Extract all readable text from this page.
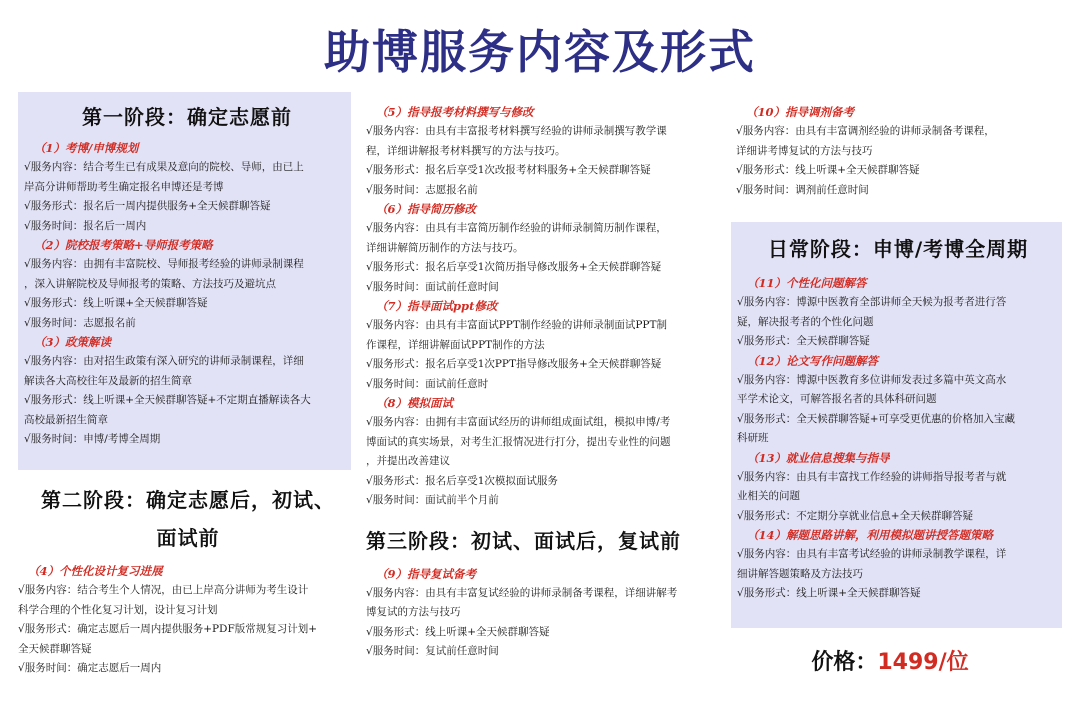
助博服务内容及形式
第一阶段：确定志愿前
（1）考博/申博规划

√服务内容：结合考生已有成果及意向的院校、导师，由已上

岸高分讲师帮助考生确定报名申博还是考博

√服务形式：报名后一周内提供服务+全天候群聊答疑

√服务时间：报名后一周内

（2）院校报考策略+导师报考策略

√服务内容：由拥有丰富院校、导师报考经验的讲师录制课程

，深入讲解院校及导师报考的策略、方法技巧及避坑点

√服务形式：线上听课+全天候群聊答疑

√服务时间：志愿报名前

（3）政策解读

√服务内容：由对招生政策有深入研究的讲师录制课程，详细

解读各大高校往年及最新的招生简章

√服务形式：线上听课+全天候群聊答疑+不定期直播解读各大

高校最新招生简章

√服务时间：申博/考博全周期

第二阶段：确定志愿后，初试、
面试前
（4）个性化设计复习进展

√服务内容：结合考生个人情况，由已上岸高分讲师为考生设计

科学合理的个性化复习计划，设计复习计划

√服务形式：确定志愿后一周内提供服务+PDF版常规复习计划+

全天候群聊答疑

√服务时间：确定志愿后一周内

（5）指导报考材料撰写与修改

√服务内容：由具有丰富报考材料撰写经验的讲师录制撰写教学课

程，详细讲解报考材料撰写的方法与技巧。

√服务形式：报名后享受1次改报考材料服务+全天候群聊答疑

√服务时间：志愿报名前

（6）指导简历修改

√服务内容：由具有丰富简历制作经验的讲师录制简历制作课程，

详细讲解简历制作的方法与技巧。

√服务形式：报名后享受1次简历指导修改服务+全天候群聊答疑

√服务时间：面试前任意时间

（7）指导面试ppt修改

√服务内容：由具有丰富面试PPT制作经验的讲师录制面试PPT制

作课程，详细讲解面试PPT制作的方法

√服务形式：报名后享受1次PPT指导修改服务+全天候群聊答疑

√服务时间：面试前任意时

（8）模拟面试

√服务内容：由拥有丰富面试经历的讲师组成面试组，模拟申博/考

博面试的真实场景，对考生汇报情况进行打分，提出专业性的问题

，并提出改善建议

√服务形式：报名后享受1次模拟面试服务

√服务时间：面试前半个月前

第三阶段：初试、面试后，复试前
（9）指导复试备考

√服务内容：由具有丰富复试经验的讲师录制备考课程，详细讲解考

博复试的方法与技巧

√服务形式：线上听课+全天候群聊答疑

√服务时间：复试前任意时间

（10）指导调剂备考

√服务内容：由具有丰富调剂经验的讲师录制备考课程，

详细讲考博复试的方法与技巧

√服务形式：线上听课+全天候群聊答疑

√服务时间：调剂前任意时间

日常阶段：申博/考博全周期
（11）个性化问题解答

√服务内容：博源中医教育全部讲师全天候为报考者进行答

疑，解决报考者的个性化问题

√服务形式：全天候群聊答疑

（12）论文写作问题解答

√服务内容：博源中医教育多位讲师发表过多篇中英文高水

平学术论文，可解答报名者的具体科研问题

√服务形式：全天候群聊答疑+可享受更优惠的价格加入宝藏

科研班

（13）就业信息搜集与指导

√服务内容：由具有丰富找工作经验的讲师指导报考者与就

业相关的问题

√服务形式：不定期分享就业信息+全天候群聊答疑

（14）解题思路讲解，利用模拟题讲授答题策略

√服务内容：由具有丰富考试经验的讲师录制教学课程，详

细讲解答题策略及方法技巧

√服务形式：线上听课+全天候群聊答疑

价格：1499/位
